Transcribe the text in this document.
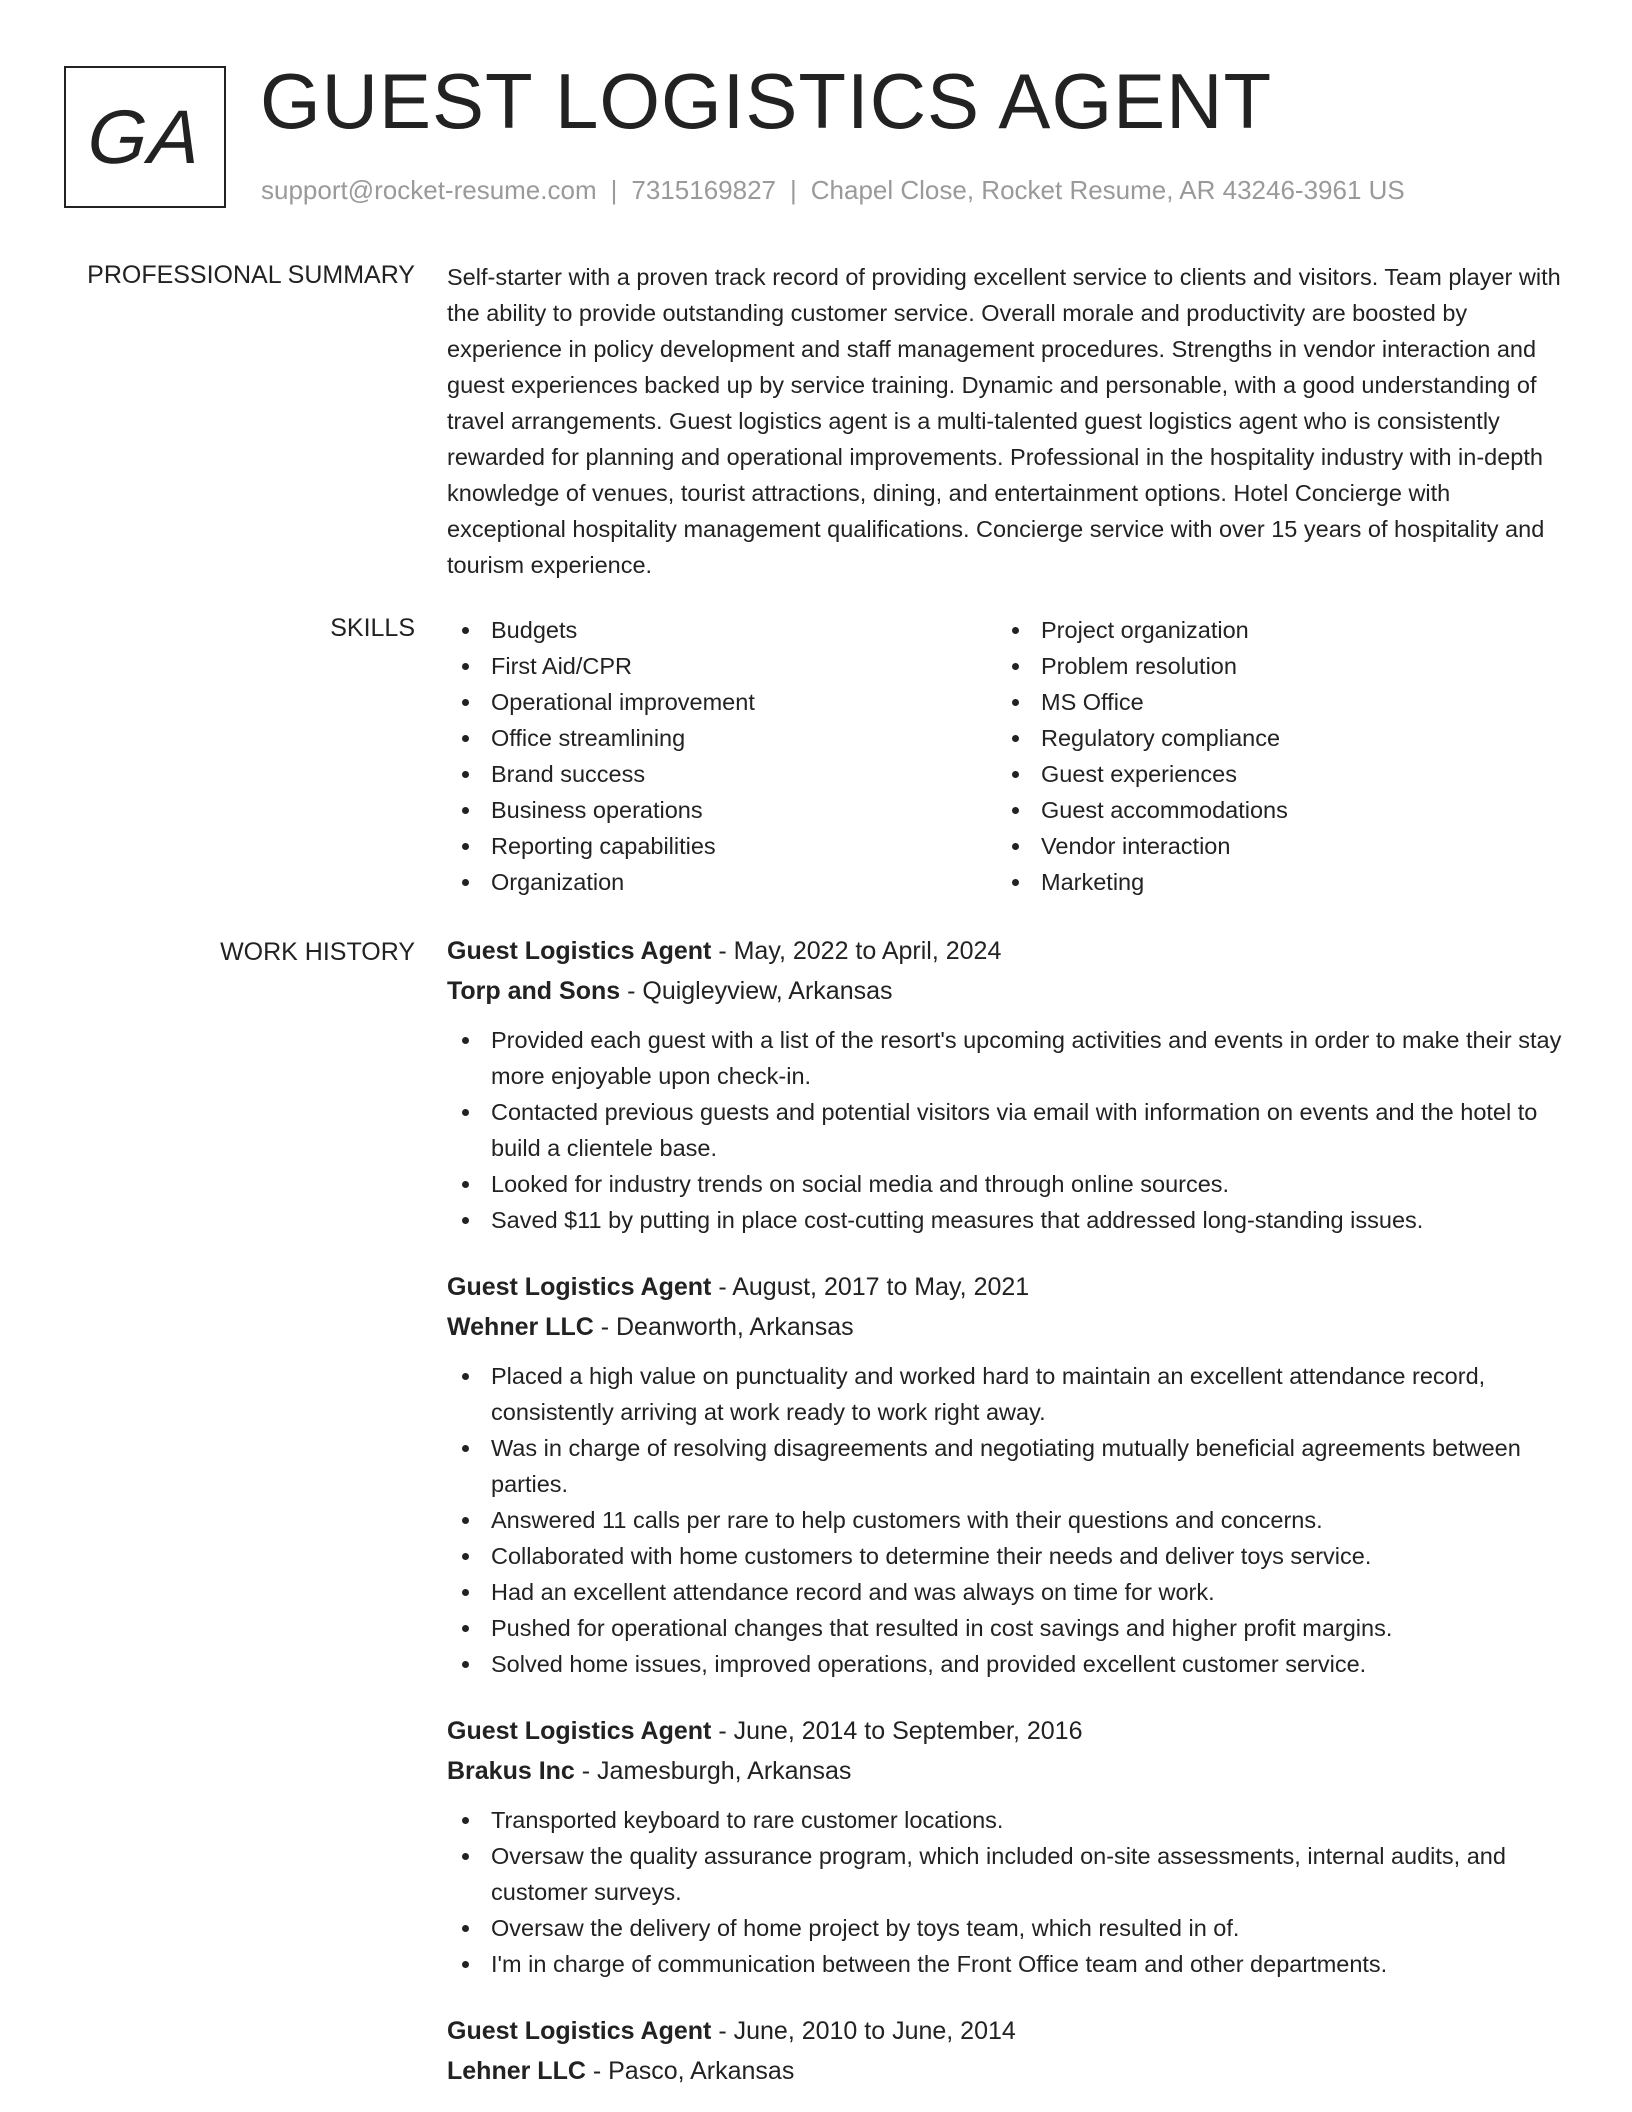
GA GUEST LOGISTICS AGENT
support@rocket-resume.com | 7315169827 | Chapel Close, Rocket Resume, AR 43246-3961 US
PROFESSIONAL SUMMARY Self-starter with a proven track record of providing excellent service to clients and visitors. Team player with the ability to provide outstanding customer service. Overall morale and productivity are boosted by experience in policy development and staff management procedures. Strengths in vendor interaction and guest experiences backed up by service training. Dynamic and personable, with a good understanding of travel arrangements. Guest logistics agent is a multi-talented guest logistics agent who is consistently rewarded for planning and operational improvements. Professional in the hospitality industry with in-depth knowledge of venues, tourist attractions, dining, and entertainment options. Hotel Concierge with exceptional hospitality management qualifications. Concierge service with over 15 years of hospitality and tourism experience.

SKILLS	Budgets
First Aid/CPR
Operational improvement
Office streamlining
Brand success
Business operations
Reporting capabilities
Organization
Project organization
Problem resolution
MS Office
Regulatory compliance
Guest experiences
Guest accommodations
Vendor interaction
Marketing
WORK HISTORY Guest Logistics Agent - May, 2022 to April, 2024
Torp and Sons - Quigleyview, Arkansas
Provided each guest with a list of the resort's upcoming activities and events in order to make their stay more enjoyable upon check-in.
Contacted previous guests and potential visitors via email with information on events and the hotel to build a clientele base.
Looked for industry trends on social media and through online sources.
Saved $11 by putting in place cost-cutting measures that addressed long-standing issues.
Guest Logistics Agent - August, 2017 to May, 2021
Wehner LLC - Deanworth, Arkansas
Placed a high value on punctuality and worked hard to maintain an excellent attendance record, consistently arriving at work ready to work right away.
Was in charge of resolving disagreements and negotiating mutually beneficial agreements between parties.
Answered 11 calls per rare to help customers with their questions and concerns.
Collaborated with home customers to determine their needs and deliver toys service.
Had an excellent attendance record and was always on time for work.
Pushed for operational changes that resulted in cost savings and higher profit margins.
Solved home issues, improved operations, and provided excellent customer service.
Guest Logistics Agent - June, 2014 to September, 2016
Brakus Inc - Jamesburgh, Arkansas
Transported keyboard to rare customer locations.
Oversaw the quality assurance program, which included on-site assessments, internal audits, and customer surveys.
Oversaw the delivery of home project by toys team, which resulted in of.
I'm in charge of communication between the Front Office team and other departments.
Guest Logistics Agent - June, 2010 to June, 2014
Lehner LLC - Pasco, Arkansas
